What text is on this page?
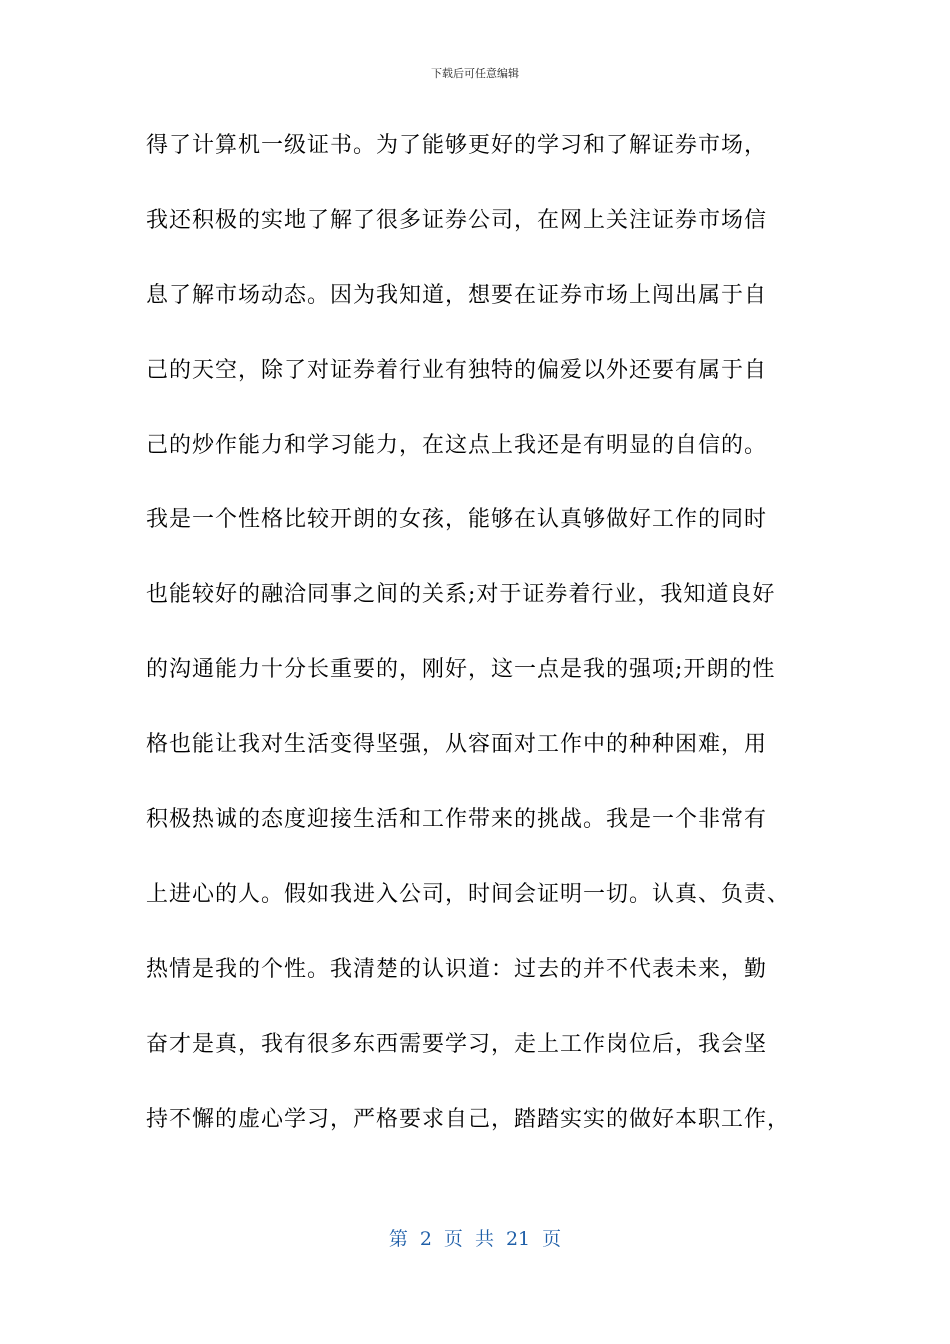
下载后可任意编辑
得了计算机一级证书。为了能够更好的学习和了解证券市场，
我还积极的实地了解了很多证券公司，在网上关注证券市场信
息了解市场动态。因为我知道，想要在证券市场上闯出属于自
己的天空，除了对证券着行业有独特的偏爱以外还要有属于自
己的炒作能力和学习能力，在这点上我还是有明显的自信的。
我是一个性格比较开朗的女孩，能够在认真够做好工作的同时
也能较好的融洽同事之间的关系;对于证券着行业，我知道良好
的沟通能力十分长重要的，刚好，这一点是我的强项;开朗的性
格也能让我对生活变得坚强，从容面对工作中的种种困难，用
积极热诚的态度迎接生活和工作带来的挑战。我是一个非常有
上进心的人。假如我进入公司，时间会证明一切。认真、负责、
热情是我的个性。我清楚的认识道：过去的并不代表未来，勤
奋才是真，我有很多东西需要学习，走上工作岗位后，我会坚
持不懈的虚心学习，严格要求自己，踏踏实实的做好本职工作，
第 2 页 共 21 页
